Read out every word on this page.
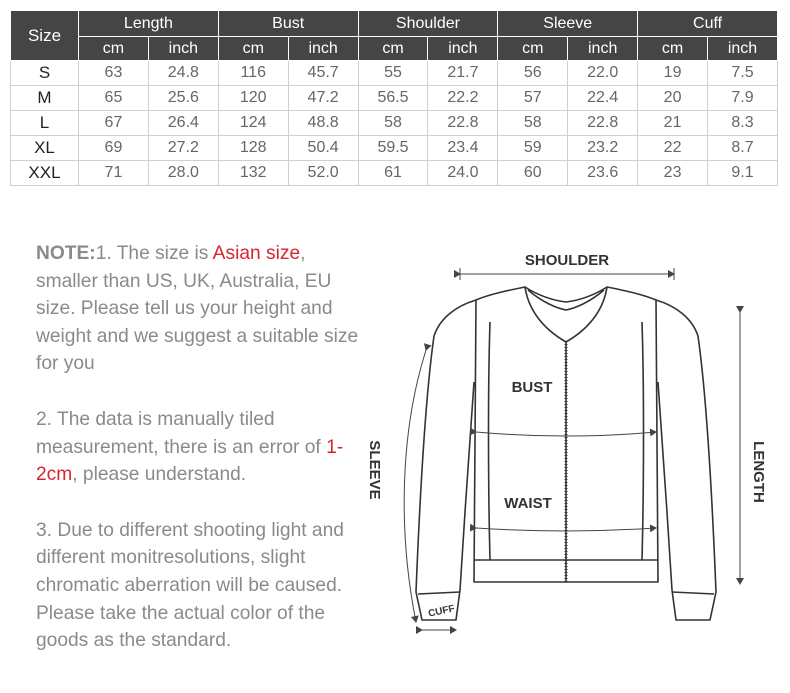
Size	Length		Bust		Shoulder		Sleeve		Cuff	
	cm	inch	cm	inch	cm	inch	cm	inch	cm	inch
S	63	24.8	116	45.7	55	21.7	56	22.0	19	7.5
M	65	25.6	120	47.2	56.5	22.2	57	22.4	20	7.9
L	67	26.4	124	48.8	58	22.8	58	22.8	21	8.3
XL	69	27.2	128	50.4	59.5	23.4	59	23.2	22	8.7
XXL	71	28.0	132	52.0	61	24.0	60	23.6	23	9.1

NOTE:1. The size is Asian size, smaller than US, UK, Australia, EU size. Please tell us your height and weight and we suggest a suitable size for you

2. The data is manually tiled measurement, there is an error of 1-2cm, please understand.

3. Due to different shooting light and different monitresolutions, slight chromatic aberration will be caused. Please take the actual color of the goods as the standard.

SHOULDER
BUST
WAIST
SLEEVE	LENGTH
CUFF
